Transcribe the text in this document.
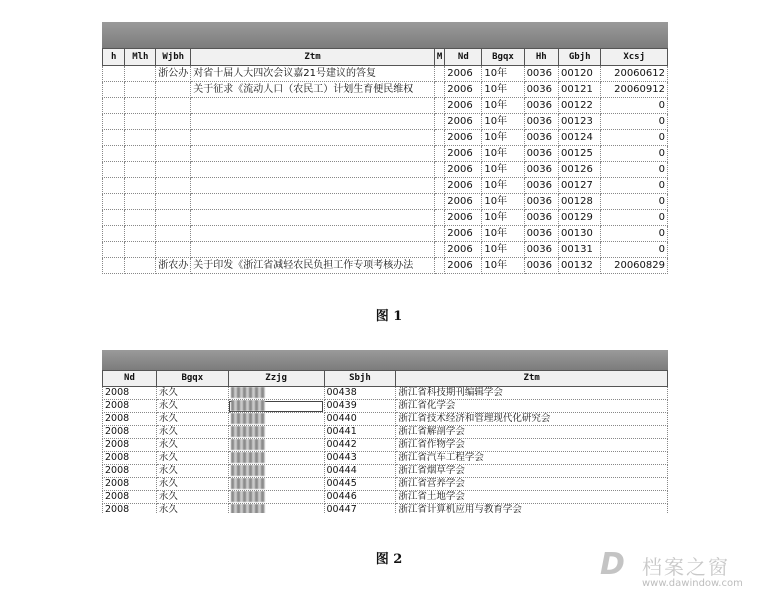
h	Mlh	Wjbh	Ztm	M	Nd	Bgqx	Hh	Gbjh	Xcsj
		浙公办	对省十届人大四次会议嘉21号建议的答复		2006	10年	0036	00120	20060612
			关于征求《流动人口（农民工）计划生育便民维权		2006	10年	0036	00121	20060912
					2006	10年	0036	00122	0
					2006	10年	0036	00123	0
					2006	10年	0036	00124	0
					2006	10年	0036	00125	0
					2006	10年	0036	00126	0
					2006	10年	0036	00127	0
					2006	10年	0036	00128	0
					2006	10年	0036	00129	0
					2006	10年	0036	00130	0
					2006	10年	0036	00131	0
		浙农办	关于印发《浙江省减轻农民负担工作专项考核办法		2006	10年	0036	00132	20060829
图 1
Nd	Bgqx	Zzjg	Sbjh	Ztm
2008	永久		00438	浙江省科技期刊编辑学会
2008	永久		00439	浙江省化学会
2008	永久		00440	浙江省技术经济和管理现代化研究会
2008	永久		00441	浙江省解剖学会
2008	永久		00442	浙江省作物学会
2008	永久		00443	浙江省汽车工程学会
2008	永久		00444	浙江省烟草学会
2008	永久		00445	浙江省营养学会
2008	永久		00446	浙江省土地学会
2008	永久		00447	浙江省计算机应用与教育学会
图 2	D 档案之窗
www.dawindow.com
